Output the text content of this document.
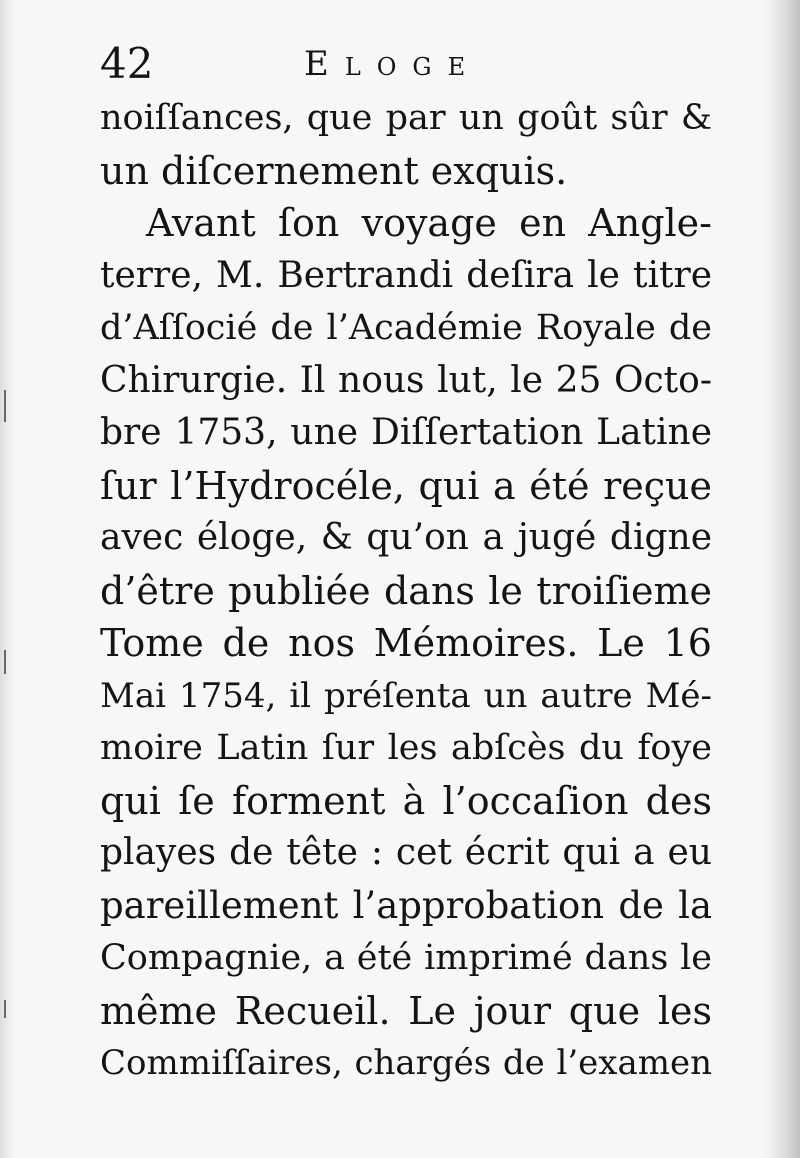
42	Eloge
noiſſances, que par un goût sûr &
un diſcernement exquis.
Avant ſon voyage en Angle-
terre, M. Bertrandi deſira le titre
d’Aſſocié de l’Académie Royale de
Chirurgie. Il nous lut, le 25 Octo-
bre 1753, une Diſſertation Latine
ſur l’Hydrocéle, qui a été reçue
avec éloge, & qu’on a jugé digne
d’être publiée dans le troiſieme
Tome de nos Mémoires. Le 16
Mai 1754, il préſenta un autre Mé-
moire Latin ſur les abſcès du foye
qui ſe forment à l’occaſion des
playes de tête : cet écrit qui a eu
pareillement l’approbation de la
Compagnie, a été imprimé dans le
même Recueil. Le jour que les
Commiſſaires, chargés de l’examen
